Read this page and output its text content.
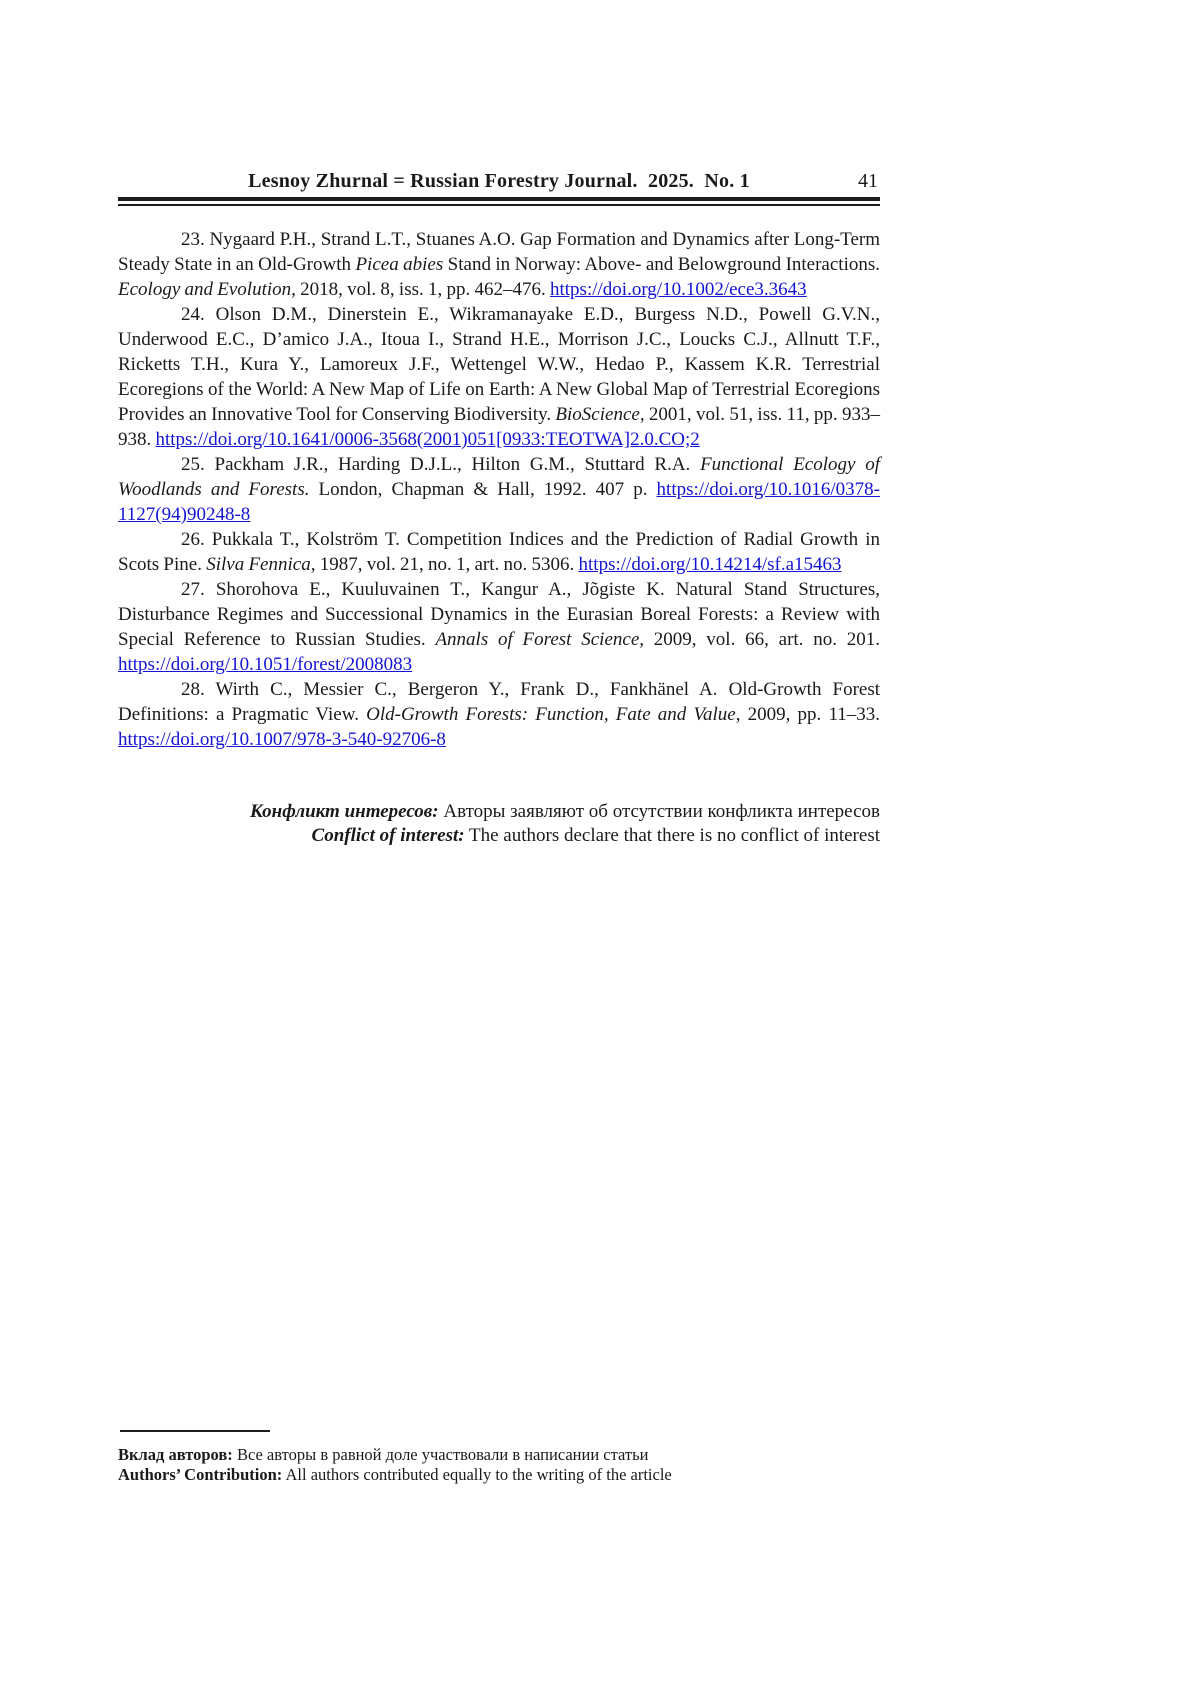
Lesnoy Zhurnal = Russian Forestry Journal.  2025.  No. 1	41

23. Nygaard P.H., Strand L.T., Stuanes A.O. Gap Formation and Dynamics after Long-Term Steady State in an Old-Growth Picea abies Stand in Norway: Above- and Belowground Interactions. Ecology and Evolution, 2018, vol. 8, iss. 1, pp. 462–476. https://doi.org/10.1002/ece3.3643

24. Olson D.M., Dinerstein E., Wikramanayake E.D., Burgess N.D., Powell G.V.N., Underwood E.C., D’amico J.A., Itoua I., Strand H.E., Morrison J.C., Loucks C.J., Allnutt T.F., Ricketts T.H., Kura Y., Lamoreux J.F., Wettengel W.W., Hedao P., Kassem K.R. Terrestrial Ecoregions of the World: A New Map of Life on Earth: A New Global Map of Terrestrial Ecoregions Provides an Innovative Tool for Conserving Biodiversity. BioScience, 2001, vol. 51, iss. 11, pp. 933–938. https://doi.org/10.1641/0006-3568(2001)051[0933:TEOTWA]2.0.CO;2

25. Packham J.R., Harding D.J.L., Hilton G.M., Stuttard R.A. Functional Ecology of Woodlands and Forests. London, Chapman & Hall, 1992. 407 p. https://doi.org/10.1016/0378-1127(94)90248-8

26. Pukkala T., Kolström T. Competition Indices and the Prediction of Radial Growth in Scots Pine. Silva Fennica, 1987, vol. 21, no. 1, art. no. 5306. https://doi.org/10.14214/sf.a15463

27. Shorohova E., Kuuluvainen T., Kangur A., Jõgiste K. Natural Stand Structures, Disturbance Regimes and Successional Dynamics in the Eurasian Boreal Forests: a Review with Special Reference to Russian Studies. Annals of Forest Science, 2009, vol. 66, art. no. 201. https://doi.org/10.1051/forest/2008083

28. Wirth C., Messier C., Bergeron Y., Frank D., Fankhänel A. Old-Growth Forest Definitions: a Pragmatic View. Old-Growth Forests: Function, Fate and Value, 2009, pp. 11–33. https://doi.org/10.1007/978-3-540-92706-8

Конфликт интересов: Авторы заявляют об отсутствии конфликта интересов
Conflict of interest: The authors declare that there is no conflict of interest
Вклад авторов: Все авторы в равной доле участвовали в написании статьи
Authors’ Contribution: All authors contributed equally to the writing of the article
